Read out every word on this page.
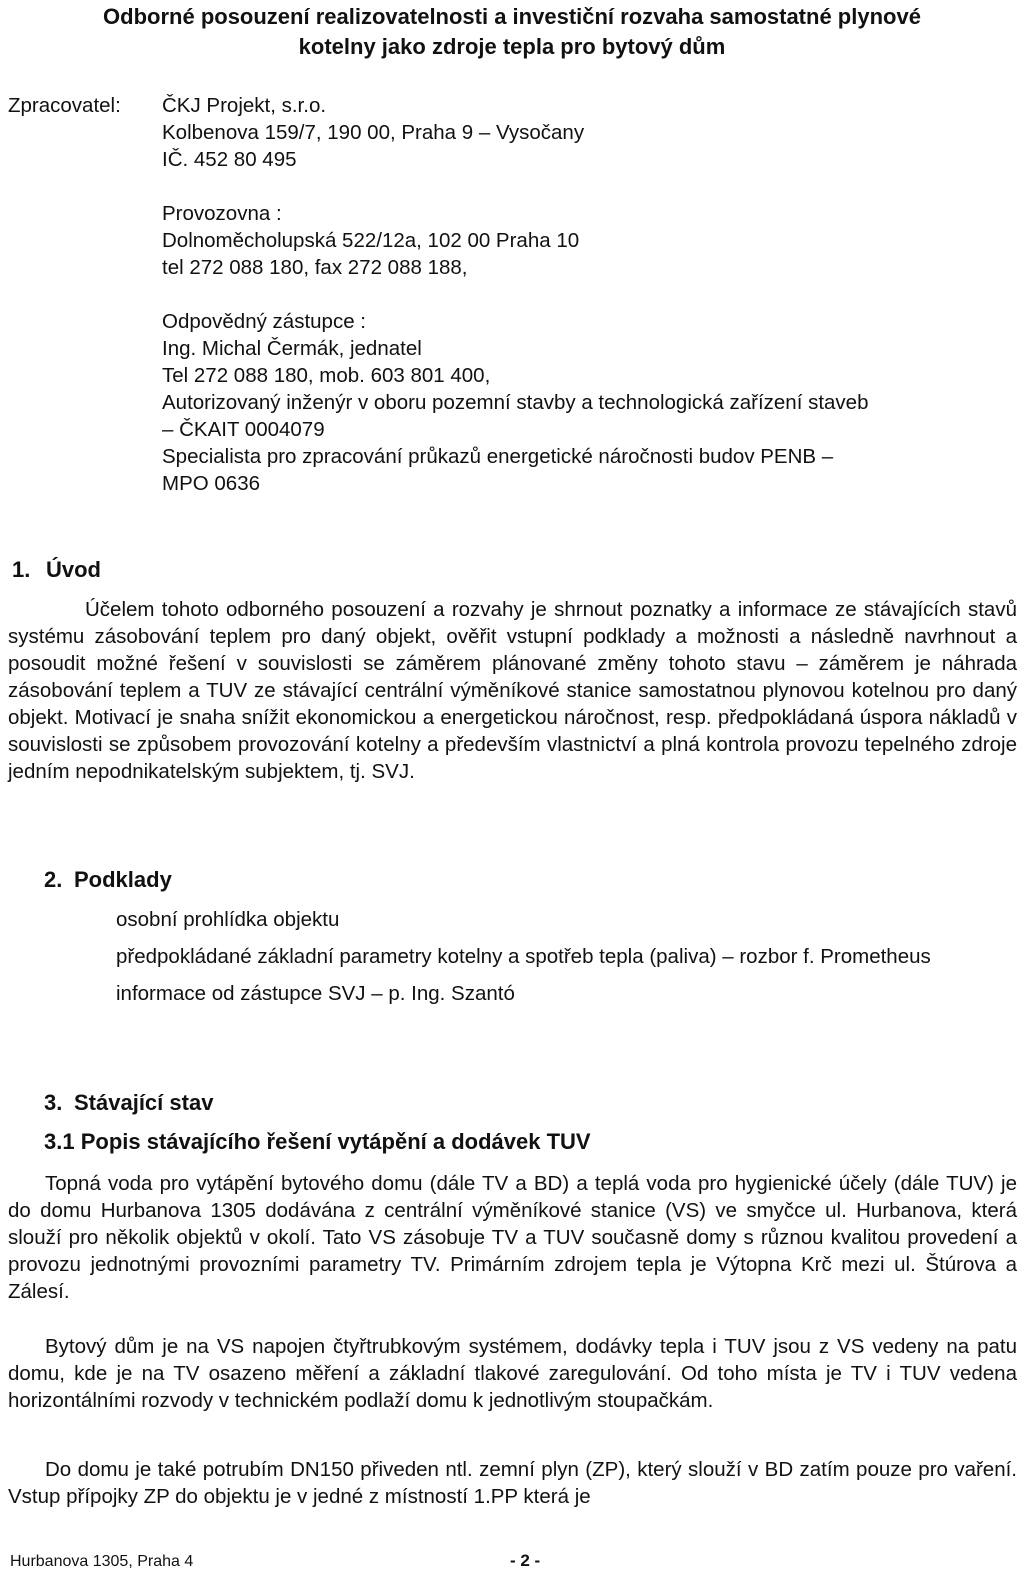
Odborné posouzení realizovatelnosti a investiční rozvaha samostatné plynové
kotelny jako zdroje tepla pro bytový dům
Zpracovatel: ČKJ Projekt, s.r.o.
Kolbenova 159/7, 190 00, Praha 9 – Vysočany
IČ. 452 80 495
Provozovna :
Dolnoměcholupská 522/12a, 102 00 Praha 10
tel 272 088 180, fax 272 088 188,
Odpovědný zástupce :
Ing. Michal Čermák, jednatel
Tel 272 088 180, mob. 603 801 400,
Autorizovaný inženýr v oboru pozemní stavby a technologická zařízení staveb
– ČKAIT 0004079
Specialista pro zpracování průkazů energetické náročnosti budov PENB –
MPO 0636
1. Úvod
Účelem tohoto odborného posouzení a rozvahy je shrnout poznatky a informace ze stávajících stavů systému zásobování teplem pro daný objekt, ověřit vstupní podklady a možnosti a následně navrhnout a posoudit možné řešení v souvislosti se záměrem plánované změny tohoto stavu – záměrem je náhrada zásobování teplem a TUV ze stávající centrální výměníkové stanice samostatnou plynovou kotelnou pro daný objekt. Motivací je snaha snížit ekonomickou a energetickou náročnost, resp. předpokládaná úspora nákladů v souvislosti se způsobem provozování kotelny a především vlastnictví a plná kontrola provozu tepelného zdroje jedním nepodnikatelským subjektem, tj. SVJ.
2. Podklady
osobní prohlídka objektu
předpokládané základní parametry kotelny a spotřeb tepla (paliva) – rozbor f. Prometheus
informace od zástupce SVJ – p. Ing. Szantó
3. Stávající stav
3.1 Popis stávajícího řešení vytápění a dodávek TUV
Topná voda pro vytápění bytového domu (dále TV a BD) a teplá voda pro hygienické účely (dále TUV) je do domu Hurbanova 1305 dodávána z centrální výměníkové stanice (VS) ve smyčce ul. Hurbanova, která slouží pro několik objektů v okolí. Tato VS zásobuje TV a TUV současně domy s různou kvalitou provedení a provozu jednotnými provozními parametry TV. Primárním zdrojem tepla je Výtopna Krč mezi ul. Štúrova a Zálesí.
Bytový dům je na VS napojen čtyřtrubkovým systémem, dodávky tepla i TUV jsou z VS vedeny na patu domu, kde je na TV osazeno měření a základní tlakové zaregulování. Od toho místa je TV i TUV vedena horizontálními rozvody v technickém podlaží domu k jednotlivým stoupačkám.
Do domu je také potrubím DN150 přiveden ntl. zemní plyn (ZP), který slouží v BD zatím pouze pro vaření. Vstup přípojky ZP do objektu je v jedné z místností 1.PP která je
Hurbanova 1305, Praha 4	- 2 -
